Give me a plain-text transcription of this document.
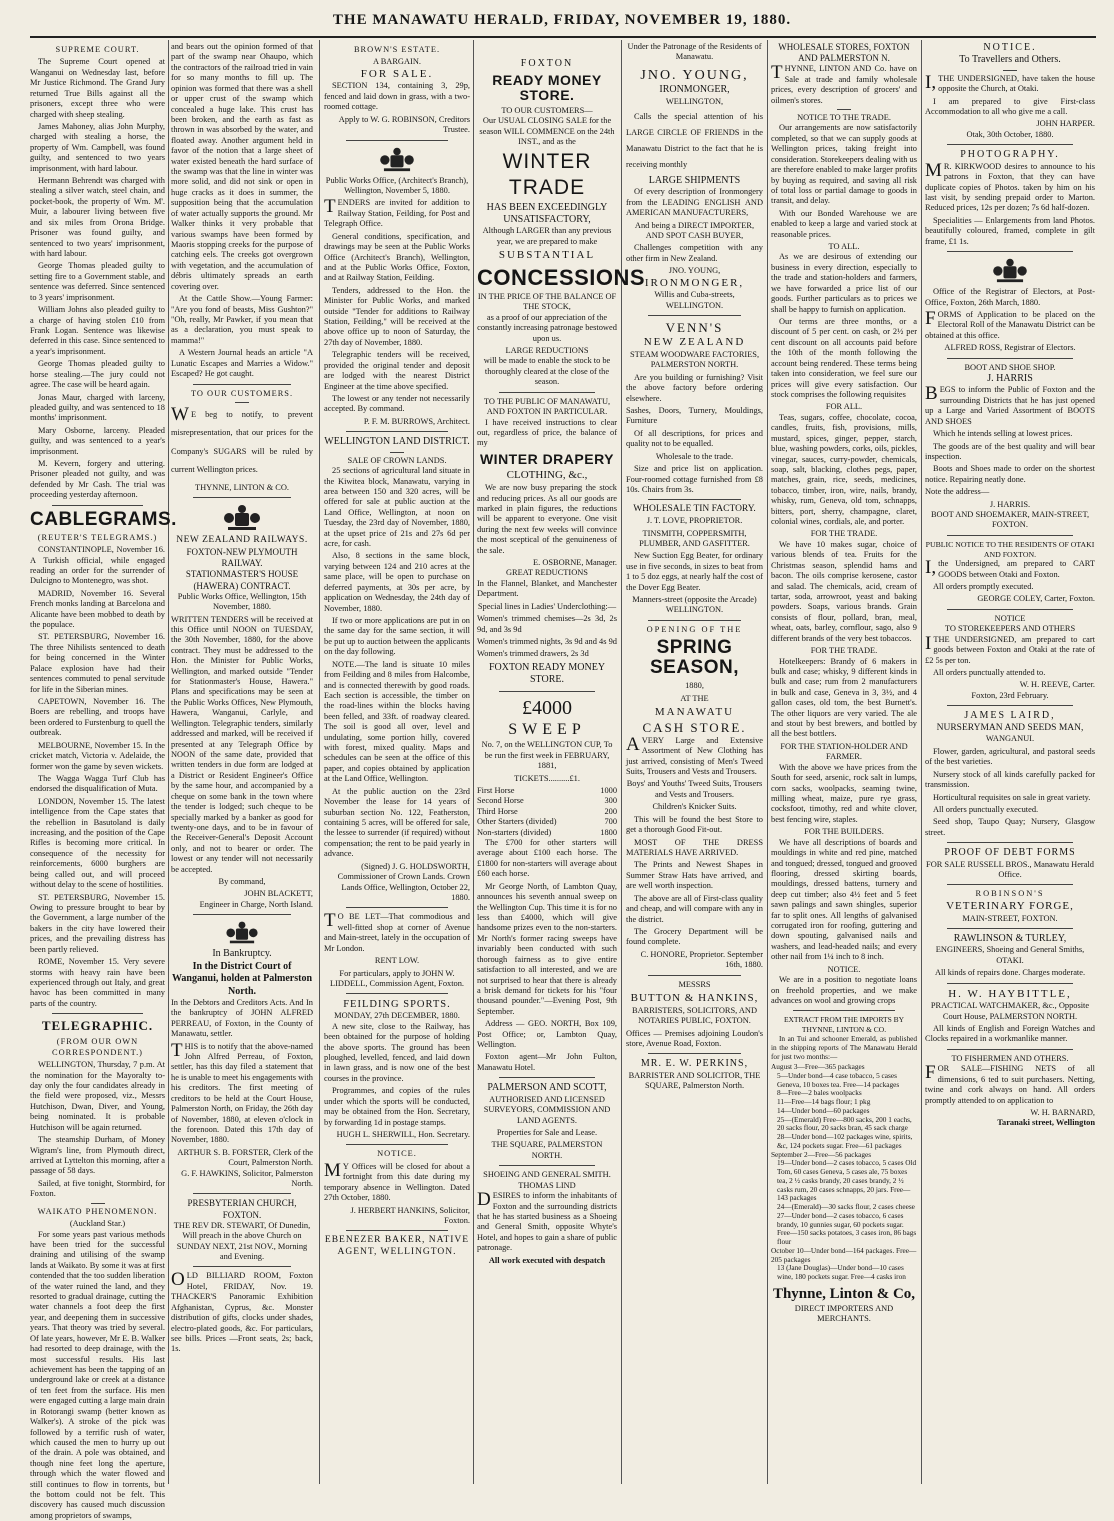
THE MANAWATU HERALD, FRIDAY, NOVEMBER 19, 1880.
SUPREME COURT.

The Supreme Court opened at Wanganui on Wednesday last, before Mr Justice Richmond. The Grand Jury returned True Bills against all the prisoners, except three who were charged with sheep stealing.

James Mahoney, alias John Murphy, charged with stealing a horse, the property of Wm. Campbell, was found guilty, and sentenced to two years imprisonment, with hard labour.

Hermann Behrendt was charged with stealing a silver watch, steel chain, and pocket-book, the property of Wm. M'. Muir, a labourer living between five and six miles from Orona Bridge. Prisoner was found guilty, and sentenced to two years' imprisonment, with hard labour.

George Thomas pleaded guilty to setting fire to a Government stable, and sentence was deferred. Since sentenced to 3 years' imprisonment.

William Johns also pleaded guilty to a charge of having stolen £10 from Frank Logan. Sentence was likewise deferred in this case. Since sentenced to a year's imprisonment.

George Thomas pleaded guilty to horse stealing.—The jury could not agree. The case will be heard again.

Jonas Maur, charged with larceny, pleaded guilty, and was sentenced to 18 months' imprisonment.

Mary Osborne, larceny. Pleaded guilty, and was sentenced to a year's imprisonment.

M. Kevern, forgery and uttering. Prisoner pleaded not guilty, and was defended by Mr Cash. The trial was proceeding yesterday afternoon.

CABLEGRAMS.
(REUTER'S TELEGRAMS.)

CONSTANTINOPLE, November 16. A Turkish official, while engaged reading an order for the surrender of Dulcigno to Montenegro, was shot.

MADRID, November 16. Several French monks landing at Barcelona and Alicante have been mobbed to death by the populace.

ST. PETERSBURG, November 16. The three Nihilists sentenced to death for being concerned in the Winter Palace explosion have had their sentences commuted to penal servitude for life in the Siberian mines.

CAPETOWN, November 16. The Boers are rebelling, and troops have been ordered to Furstenburg to quell the outbreak.

MELBOURNE, November 15. In the cricket match, Victoria v. Adelaide, the former won the game by seven wickets.

The Wagga Wagga Turf Club has endorsed the disqualification of Muta.

LONDON, November 15. The latest intelligence from the Cape states that the rebellion in Basutoland is daily increasing, and the position of the Cape Rifles is becoming more critical. In consequence of the necessity for reinforcements, 6000 burghers are being called out, and will proceed without delay to the scene of hostilities.

ST. PETERSBURG, November 15. Owing to pressure brought to bear by the Government, a large number of the bakers in the city have lowered their prices, and the prevailing distress has been partly relieved.

ROME, November 15. Very severe storms with heavy rain have been experienced through out Italy, and great havoc has been committed in many parts of the country.

TELEGRAPHIC.
(FROM OUR OWN CORRESPONDENT.)

WELLINGTON, Thursday, 7 p.m. At the nomination for the Mayoralty to-day only the four candidates already in the field were proposed, viz., Messrs Hutchison, Dwan, Diver, and Young, being nominated. It is probable Hutchison will be again returned.

The steamship Durham, of Money Wigram's line, from Plymouth direct, arrived at Lyttelton this morning, after a passage of 58 days.

Sailed, at five tonight, Stormbird, for Foxton.

WAIKATO PHENOMENON.
(Auckland Star.)

For some years past various methods have been tried for the successful draining and utilising of the swamp lands at Waikato. By some it was at first contended that the too sudden liberation of the water ruined the land, and they resorted to gradual drainage, cutting the water channels a foot deep the first year, and deepening them in successive years. That theory was tried by several. Of late years, however, Mr E. B. Walker had resorted to deep drainage, with the most successful results. His last achievement has been the tapping of an underground lake or creek at a distance of ten feet from the surface. His men were engaged cutting a large main drain in Rotorangi swamp (better known as Walker's). A stroke of the pick was followed by a terrific rush of water, which caused the men to hurry up out of the drain. A pole was obtained, and though nine feet long the aperture, through which the water flowed and still continues to flow in torrents, but the bottom could not be felt. This discovery has caused much discussion among proprietors of swamps,

and bears out the opinion formed of that part of the swamp near Ohaupo, which the contractors of the railroad tried in vain for so many months to fill up. The opinion was formed that there was a shell or upper crust of the swamp which concealed a huge lake. This crust has been broken, and the earth as fast as thrown in was absorbed by the water, and floated away. Another argument held in favor of the notion that a large sheet of water existed beneath the hard surface of the swamp was that the line in winter was more solid, and did not sink or open in huge cracks as it does in summer, the supposition being that the accumulation of water actually supports the ground. Mr Walker thinks it very probable that various swamps have been formed by Maoris stopping creeks for the purpose of catching eels. The creeks got overgrown with vegetation, and the accumulation of débris ultimately spreads an earth covering over.

At the Cattle Show.—Young Farmer: "Are you fond of beasts, Miss Gushton?" "Oh, really, Mr Pawker, if you mean that as a declaration, you must speak to mamma!"

A Western Journal heads an article "A Lunatic Escapes and Marries a Widow." Escaped? He got caught.

TO OUR CUSTOMERS.

WE beg to notify, to prevent misrepresentation, that our prices for the Company's SUGARS will be ruled by current Wellington prices.

THYNNE, LINTON & CO.
NEW ZEALAND RAILWAYS.
FOXTON-NEW PLYMOUTH RAILWAY.
STATIONMASTER'S HOUSE (HAWERA) CONTRACT.

Public Works Office, Wellington, 15th November, 1880.

WRITTEN TENDERS will be received at this Office until NOON on TUESDAY, the 30th November, 1880, for the above contract. They must be addressed to the Hon. the Minister for Public Works, Wellington, and marked outside "Tender for Stationmaster's House, Hawera." Plans and specifications may be seen at the Public Works Offices, New Plymouth, Hawera, Wanganui, Carlyle, and Wellington. Telegraphic tenders, similarly addressed and marked, will be received if presented at any Telegraph Office by NOON of the same date, provided that written tenders in due form are lodged at a District or Resident Engineer's Office by the same hour, and accompanied by a cheque on some bank in the town where the tender is lodged; such cheque to be specially marked by a banker as good for twenty-one days, and to be in favour of the Receiver-General's Deposit Account only, and not to bearer or order. The lowest or any tender will not necessarily be accepted.

By command,

JOHN BLACKETT,
Engineer in Charge, North Island.
In Bankruptcy.
In the District Court of Wanganui, holden at Palmerston North.

In the Debtors and Creditors Acts. And In the bankruptcy of JOHN ALFRED PERREAU, of Foxton, in the County of Manawatu, settler.

THIS is to notify that the above-named John Alfred Perreau, of Foxton, settler, has this day filed a statement that he is unable to meet his engagements with his creditors. The first meeting of creditors to be held at the Court House, Palmerston North, on Friday, the 26th day of November, 1880, at eleven o'clock in the forenoon. Dated this 17th day of November, 1880.

ARTHUR S. B. FORSTER, Clerk of the Court, Palmerston North.
G. F. HAWKINS, Solicitor, Palmerston North.
PRESBYTERIAN CHURCH, FOXTON.

THE REV DR. STEWART, Of Dunedin, Will preach in the above Church on SUNDAY NEXT, 21st NOV., Morning and Evening.

OLD BILLIARD ROOM, Foxton Hotel, FRIDAY, Nov. 19. THACKER'S Panoramic Exhibition Afghanistan, Cyprus, &c. Monster distribution of gifts, clocks under shades, electro-plated goods, &c. For particulars, see bills. Prices —Front seats, 2s; back, 1s.

BROWN'S ESTATE.
A BARGAIN.
FOR SALE.

SECTION 134, containing 3, 29p, fenced and laid down in grass, with a two-roomed cottage.

Apply to W. G. ROBINSON, Creditors Trustee.

Public Works Office, (Architect's Branch), Wellington, November 5, 1880.

TENDERS are invited for addition to Railway Station, Feilding, for Post and Telegraph Office.

General conditions, specification, and drawings may be seen at the Public Works Office (Architect's Branch), Wellington, and at the Public Works Office, Foxton, and at Railway Station, Feilding.

Tenders, addressed to the Hon. the Minister for Public Works, and marked outside "Tender for additions to Railway Station, Feilding," will be received at the above office up to noon of Saturday, the 27th day of November, 1880.

Telegraphic tenders will be received, provided the original tender and deposit are lodged with the nearest District Engineer at the time above specified.

The lowest or any tender not necessarily accepted. By command.

P. F. M. BURROWS, Architect.
WELLINGTON LAND DISTRICT.
SALE OF CROWN LANDS.

25 sections of agricultural land situate in the Kiwitea block, Manawatu, varying in area between 150 and 320 acres, will be offered for sale at public auction at the Land Office, Wellington, at noon on Tuesday, the 23rd day of November, 1880, at the upset price of 21s and 27s 6d per acre, for cash.

Also, 8 sections in the same block, varying between 124 and 210 acres at the same place, will be open to purchase on deferred payments, at 30s per acre, by application on Wednesday, the 24th day of November, 1880.

If two or more applications are put in on the same day for the same section, it will be put up to auction between the applicants on the day following.

NOTE.—The land is situate 10 miles from Feilding and 8 miles from Halcombe, and is connected therewith by good roads. Each section is accessible, the timber on the road-lines within the blocks having been felled, and 33ft. of roadway cleared. The soil is good all over, level and undulating, some portion hilly, covered with forest, mixed quality. Maps and schedules can be seen at the office of this paper, and copies obtained by application at the Land Office, Wellington.

At the public auction on the 23rd November the lease for 14 years of suburban section No. 122, Featherston, containing 5 acres, will be offered for sale, the lessee to surrender (if required) without compensation; the rent to be paid yearly in advance.

(Signed) J. G. HOLDSWORTH, Commissioner of Crown Lands. Crown Lands Office, Wellington, October 22, 1880.

TO BE LET—That commodious and well-fitted shop at corner of Avenue and Main-street, lately in the occupation of Mr London.

RENT LOW.

For particulars, apply to JOHN W. LIDDELL, Commission Agent, Foxton.

FEILDING SPORTS.
MONDAY, 27th DECEMBER, 1880.

A new site, close to the Railway, has been obtained for the purpose of holding the above sports. The ground has been ploughed, levelled, fenced, and laid down in lawn grass, and is now one of the best courses in the province.

Programmes, and copies of the rules under which the sports will be conducted, may be obtained from the Hon. Secretary, by forwarding 1d in postage stamps.

HUGH L. SHERWILL, Hon. Secretary.
NOTICE.

MY Offices will be closed for about a fortnight from this date during my temporary absence in Wellington. Dated 27th October, 1880.

J. HERBERT HANKINS, Solicitor, Foxton.

EBENEZER BAKER, NATIVE AGENT, WELLINGTON.

FOXTON
READY MONEY STORE.
TO OUR CUSTOMERS—

Our USUAL CLOSING SALE for the season WILL COMMENCE on the 24th INST., and as the

WINTER TRADE
HAS BEEN EXCEEDINGLY UNSATISFACTORY,

Although LARGER than any previous year, we are prepared to make

SUBSTANTIAL
CONCESSIONS
IN THE PRICE OF THE BALANCE OF THE STOCK,

as a proof of our appreciation of the constantly increasing patronage bestowed upon us.

LARGE REDUCTIONS

will be made to enable the stock to be thoroughly cleared at the close of the season.

TO THE PUBLIC OF MANAWATU, AND FOXTON IN PARTICULAR.

I have received instructions to clear out, regardless of price, the balance of my

WINTER DRAPERY
CLOTHING, &c.,

We are now busy preparing the stock and reducing prices. As all our goods are marked in plain figures, the reductions will be apparent to everyone. One visit during the next few weeks will convince the most sceptical of the genuineness of the sale.

E. OSBORNE, Manager.
GREAT REDUCTIONS

In the Flannel, Blanket, and Manchester Department.

Special lines in Ladies' Underclothing:—

Women's trimmed chemises—2s 3d, 2s 9d, and 3s 9d

Women's trimmed nights, 3s 9d and 4s 9d

Women's trimmed drawers, 2s 3d

FOXTON READY MONEY STORE.
£4000
SWEEP

No. 7, on the WELLINGTON CUP, To be run the first week in FEBRUARY, 1881,

TICKETS..........£1.

First Horse	1000
Second Horse	300
Third Horse	200
Other Starters (divided)	700
Non-starters (divided)	1800

The £700 for other starters will average about £100 each horse. The £1800 for non-starters will average about £60 each horse.

Mr George North, of Lambton Quay, announces his seventh annual sweep on the Wellington Cup. This time it is for no less than £4000, which will give handsome prizes even to the non-starters. Mr North's former racing sweeps have invariably been conducted with such thorough fairness as to give entire satisfaction to all interested, and we are not surprised to hear that there is already a brisk demand for tickets for his "four thousand pounder."—Evening Post, 9th September.

Address — GEO. NORTH, Box 109, Post Office; or, Lambton Quay, Wellington.

Foxton agent—Mr John Fulton, Manawatu Hotel.

PALMERSON AND SCOTT,

AUTHORISED AND LICENSED SURVEYORS, COMMISSION AND LAND AGENTS.

Properties for Sale and Lease.

THE SQUARE, PALMERSTON NORTH.

SHOEING AND GENERAL SMITH.
THOMAS LIND

DESIRES to inform the inhabitants of Foxton and the surrounding districts that he has started business as a Shoeing and General Smith, opposite Whyte's Hotel, and hopes to gain a share of public patronage.

All work executed with despatch

Under the Patronage of the Residents of Manawatu.

JNO. YOUNG,
IRONMONGER,

WELLINGTON,

Calls the special attention of his LARGE CIRCLE OF FRIENDS in the Manawatu District to the fact that he is receiving monthly

LARGE SHIPMENTS

Of every description of Ironmongery from the LEADING ENGLISH AND AMERICAN MANUFACTURERS,

And being a DIRECT IMPORTER, AND SPOT CASH BUYER,

Challenges competition with any other firm in New Zealand.

JNO. YOUNG,
IRONMONGER,

Willis and Cuba-streets, WELLINGTON.

VENN'S
NEW ZEALAND

STEAM WOODWARE FACTORIES, PALMERSTON NORTH.

Are you building or furnishing? Visit the above factory before ordering elsewhere.

Sashes, Doors, Turnery, Mouldings, Furniture

Of all descriptions, for prices and quality not to be equalled.

Wholesale to the trade.

Size and price list on application. Four-roomed cottage furnished from £8 10s. Chairs from 3s.

WHOLESALE TIN FACTORY.

J. T. LOVE, PROPRIETOR.

TINSMITH, COPPERSMITH, PLUMBER, AND GASFITTER.

New Suction Egg Beater, for ordinary use in five seconds, in sizes to beat from 1 to 5 doz eggs, at nearly half the cost of the Dover Egg Beater.

Manners-street (opposite the Arcade) WELLINGTON.

OPENING OF THE
SPRING SEASON,

1880,

AT THE

MANAWATU
CASH STORE.

AVERY Large and Extensive Assortment of New Clothing has just arrived, consisting of Men's Tweed Suits, Trousers and Vests and Trousers.

Boys' and Youths' Tweed Suits, Trousers and Vests and Trousers.

Children's Knicker Suits.

This will be found the best Store to get a thorough Good Fit-out.

MOST OF THE DRESS MATERIALS HAVE ARRIVED.

The Prints and Newest Shapes in Summer Straw Hats have arrived, and are well worth inspection.

The above are all of First-class quality and cheap, and will compare with any in the district.

The Grocery Department will be found complete.

C. HONORE, Proprietor. September 16th, 1880.

MESSRS

BUTTON & HANKINS,

BARRISTERS, SOLICITORS, AND NOTARIES PUBLIC, FOXTON.

Offices — Premises adjoining Loudon's store, Avenue Road, Foxton.

MR. E. W. PERKINS,

BARRISTER AND SOLICITOR, THE SQUARE, Palmerston North.

WHOLESALE STORES, FOXTON AND PALMERSTON N.

THYNNE, LINTON AND Co. have on Sale at trade and family wholesale prices, every description of grocers' and oilmen's stores.

NOTICE TO THE TRADE.

Our arrangements are now satisfactorily completed, so that we can supply goods at Wellington prices, taking freight into consideration. Storekeepers dealing with us are therefore enabled to make larger profits by buying as required, and saving all risk of total loss or partial damage to goods in transit, and delay.

With our Bonded Warehouse we are enabled to keep a large and varied stock at reasonable prices.

TO ALL.

As we are desirous of extending our business in every direction, especially to the trade and station-holders and farmers, we have forwarded a price list of our goods. Further particulars as to prices we shall be happy to furnish on application.

Our terms are three months, or a discount of 5 per cent. on cash, or 2½ per cent discount on all accounts paid before the 10th of the month following the account being rendered. These terms being taken into consideration, we feel sure our prices will give every satisfaction. Our stock comprises the following requisites

FOR ALL.

Teas, sugars, coffee, chocolate, cocoa, candles, fruits, fish, provisions, mills, mustard, spices, ginger, pepper, starch, blue, washing powders, corks, oils, pickles, vinegar, sauces, curry-powder, chemicals, soap, salt, blacking, clothes pegs, paper, matches, grain, rice, seeds, medicines, tobacco, timber, iron, wire, nails, brandy, whisky, rum, Geneva, old tom, schnapps, bitters, port, sherry, champagne, claret, colonial wines, cordials, ale, and porter.

FOR THE TRADE.

We have 10 makes sugar, choice of various blends of tea. Fruits for the Christmas season, splendid hams and bacon. The oils comprise kerosene, castor and salad. The chemicals, acid, cream of tartar, soda, arrowroot, yeast and baking powders. Soaps, various brands. Grain consists of flour, pollard, bran, meal, wheat, oats, barley, cornflour, sago, also 9 different brands of the very best tobaccos.

FOR THE TRADE.

Hotelkeepers: Brandy of 6 makers in bulk and case; whisky, 9 different kinds in bulk and case; rum from 2 manufacturers in bulk and case, Geneva in 3, 3½, and 4 gallon cases, old tom, the best Burnett's. The other liquors are very varied. The ale and stout by best brewers, and bottled by all the best bottlers.

FOR THE STATION-HOLDER AND FARMER.

With the above we have prices from the South for seed, arsenic, rock salt in lumps, corn sacks, woolpacks, seaming twine, milling wheat, maize, pure rye grass, cocksfoot, timothy, red and white clover, best fencing wire, staples.

FOR THE BUILDERS.

We have all descriptions of boards and mouldings in white and red pine, matched and tongued; dressed, tongued and grooved flooring, dressed skirting boards, mouldings, dressed battens, turnery and deep cut timber; also 4½ feet and 5 feet sawn palings and sawn shingles, superior far to split ones. All lengths of galvanised corrugated iron for roofing, guttering and down spouting, galvanised nails and washers, and lead-headed nails; and every other nail from 1¼ inch to 8 inch.

NOTICE.

We are in a position to negotiate loans on freehold properties, and we make advances on wool and growing crops

EXTRACT FROM THE IMPORTS BY THYNNE, LINTON & CO.

In an Tui and schooner Emerald, as published in the shipping reports of The Manawatu Herald for just two months:—

August 3—Free—365 packages
5—Under bond—4 case tobacco, 5 cases Geneva, 10 boxes tea. Free—14 packages
8—Free—2 bales woolpacks
11—Free—14 bags flour; 1 pkg
14—Under bond—60 packages
25—(Emerald) Free—800 sacks, 200 1 eachs, 20 sacks flour, 20 sacks bran, 45 sack charge
28—Under bond—102 packages wine, spirits, &c, 124 pockets sugar. Free—61 packages
September 2—Free—56 packages
19—Under bond—2 cases tobacco, 5 cases Old Tom, 60 cases Geneva, 5 cases ale, 75 boxes tea, 2 ½ casks brandy, 20 cases brandy, 2 ½ casks rum, 20 cases schnapps, 20 jars. Free—143 packages
24—(Emerald)—30 sacks flour, 2 cases cheese
27—Under bond—2 cases tobacco, 6 cases brandy, 10 gunnies sugar, 60 pockets sugar. Free—150 sacks potatoes, 3 cases iron, 86 bags flour
October 10—Under bond—164 packages. Free—205 packages
13 (Jane Douglas)—Under bond—10 cases wine, 180 pockets sugar. Free—4 casks iron
Thynne, Linton & Co,

DIRECT IMPORTERS AND MERCHANTS.

NOTICE.
To Travellers and Others.

I,THE UNDERSIGNED, have taken the house opposite the Church, at Otaki.

I am prepared to give First-class Accommodation to all who give me a call.

JOHN HARPER.

Otak, 30th October, 1880.

PHOTOGRAPHY.

MR. KIRKWOOD desires to announce to his patrons in Foxton, that they can have duplicate copies of Photos. taken by him on his last visit, by sending prepaid order to Marton. Reduced prices, 12s per dozen; 7s 6d half-dozen.

Specialities — Enlargements from land Photos. beautifully coloured, framed, complete in gilt frame, £1 1s.

Office of the Registrar of Electors, at Post-Office, Foxton, 26th March, 1880.

FORMS of Application to be placed on the Electoral Roll of the Manawatu District can be obtained at this office.

ALFRED ROSS, Registrar of Electors.
BOOT AND SHOE SHOP.
J. HARRIS

BEGS to inform the Public of Foxton and the surrounding Districts that he has just opened up a Large and Varied Assortment of BOOTS AND SHOES

Which he intends selling at lowest prices.

The goods are of the best quality and will bear inspection.

Boots and Shoes made to order on the shortest notice. Repairing neatly done.

Note the address—

J. HARRIS.

BOOT AND SHOEMAKER, MAIN-STREET, FOXTON.

PUBLIC NOTICE TO THE RESIDENTS OF OTAKI AND FOXTON.

I,the Undersigned, am prepared to CART GOODS between Otaki and Foxton.

All orders promptly executed.

GEORGE COLEY, Carter, Foxton.
NOTICE
TO STOREKEEPERS AND OTHERS

ITHE UNDERSIGNED, am prepared to cart goods between Foxton and Otaki at the rate of £2 5s per ton.

All orders punctually attended to.

W. H. REEVE, Carter.

Foxton, 23rd February.

JAMES LAIRD,
NURSERYMAN AND SEEDS MAN,

WANGANUI.

Flower, garden, agricultural, and pastoral seeds of the best varieties.

Nursery stock of all kinds carefully packed for transmission.

Horticultural requisites on sale in great variety.

All orders punctually executed.

Seed shop, Taupo Quay; Nursery, Glasgow street.

PROOF OF DEBT FORMS

FOR SALE RUSSELL BROS., Manawatu Herald Office.

ROBINSON'S
VETERINARY FORGE,

MAIN-STREET, FOXTON.

RAWLINSON & TURLEY,

ENGINEERS, Shoeing and General Smiths, OTAKI.

All kinds of repairs done. Charges moderate.

H. W. HAYBITTLE,

PRACTICAL WATCHMAKER, &c., Opposite Court House, PALMERSTON NORTH.

All kinds of English and Foreign Watches and Clocks repaired in a workmanlike manner.

TO FISHERMEN AND OTHERS.

FOR SALE—FISHING NETS of all dimensions, 6 ted to suit purchasers. Netting, twine and cork always on hand. All orders promptly attended to on application to

W. H. BARNARD,
Taranaki street, Wellington
